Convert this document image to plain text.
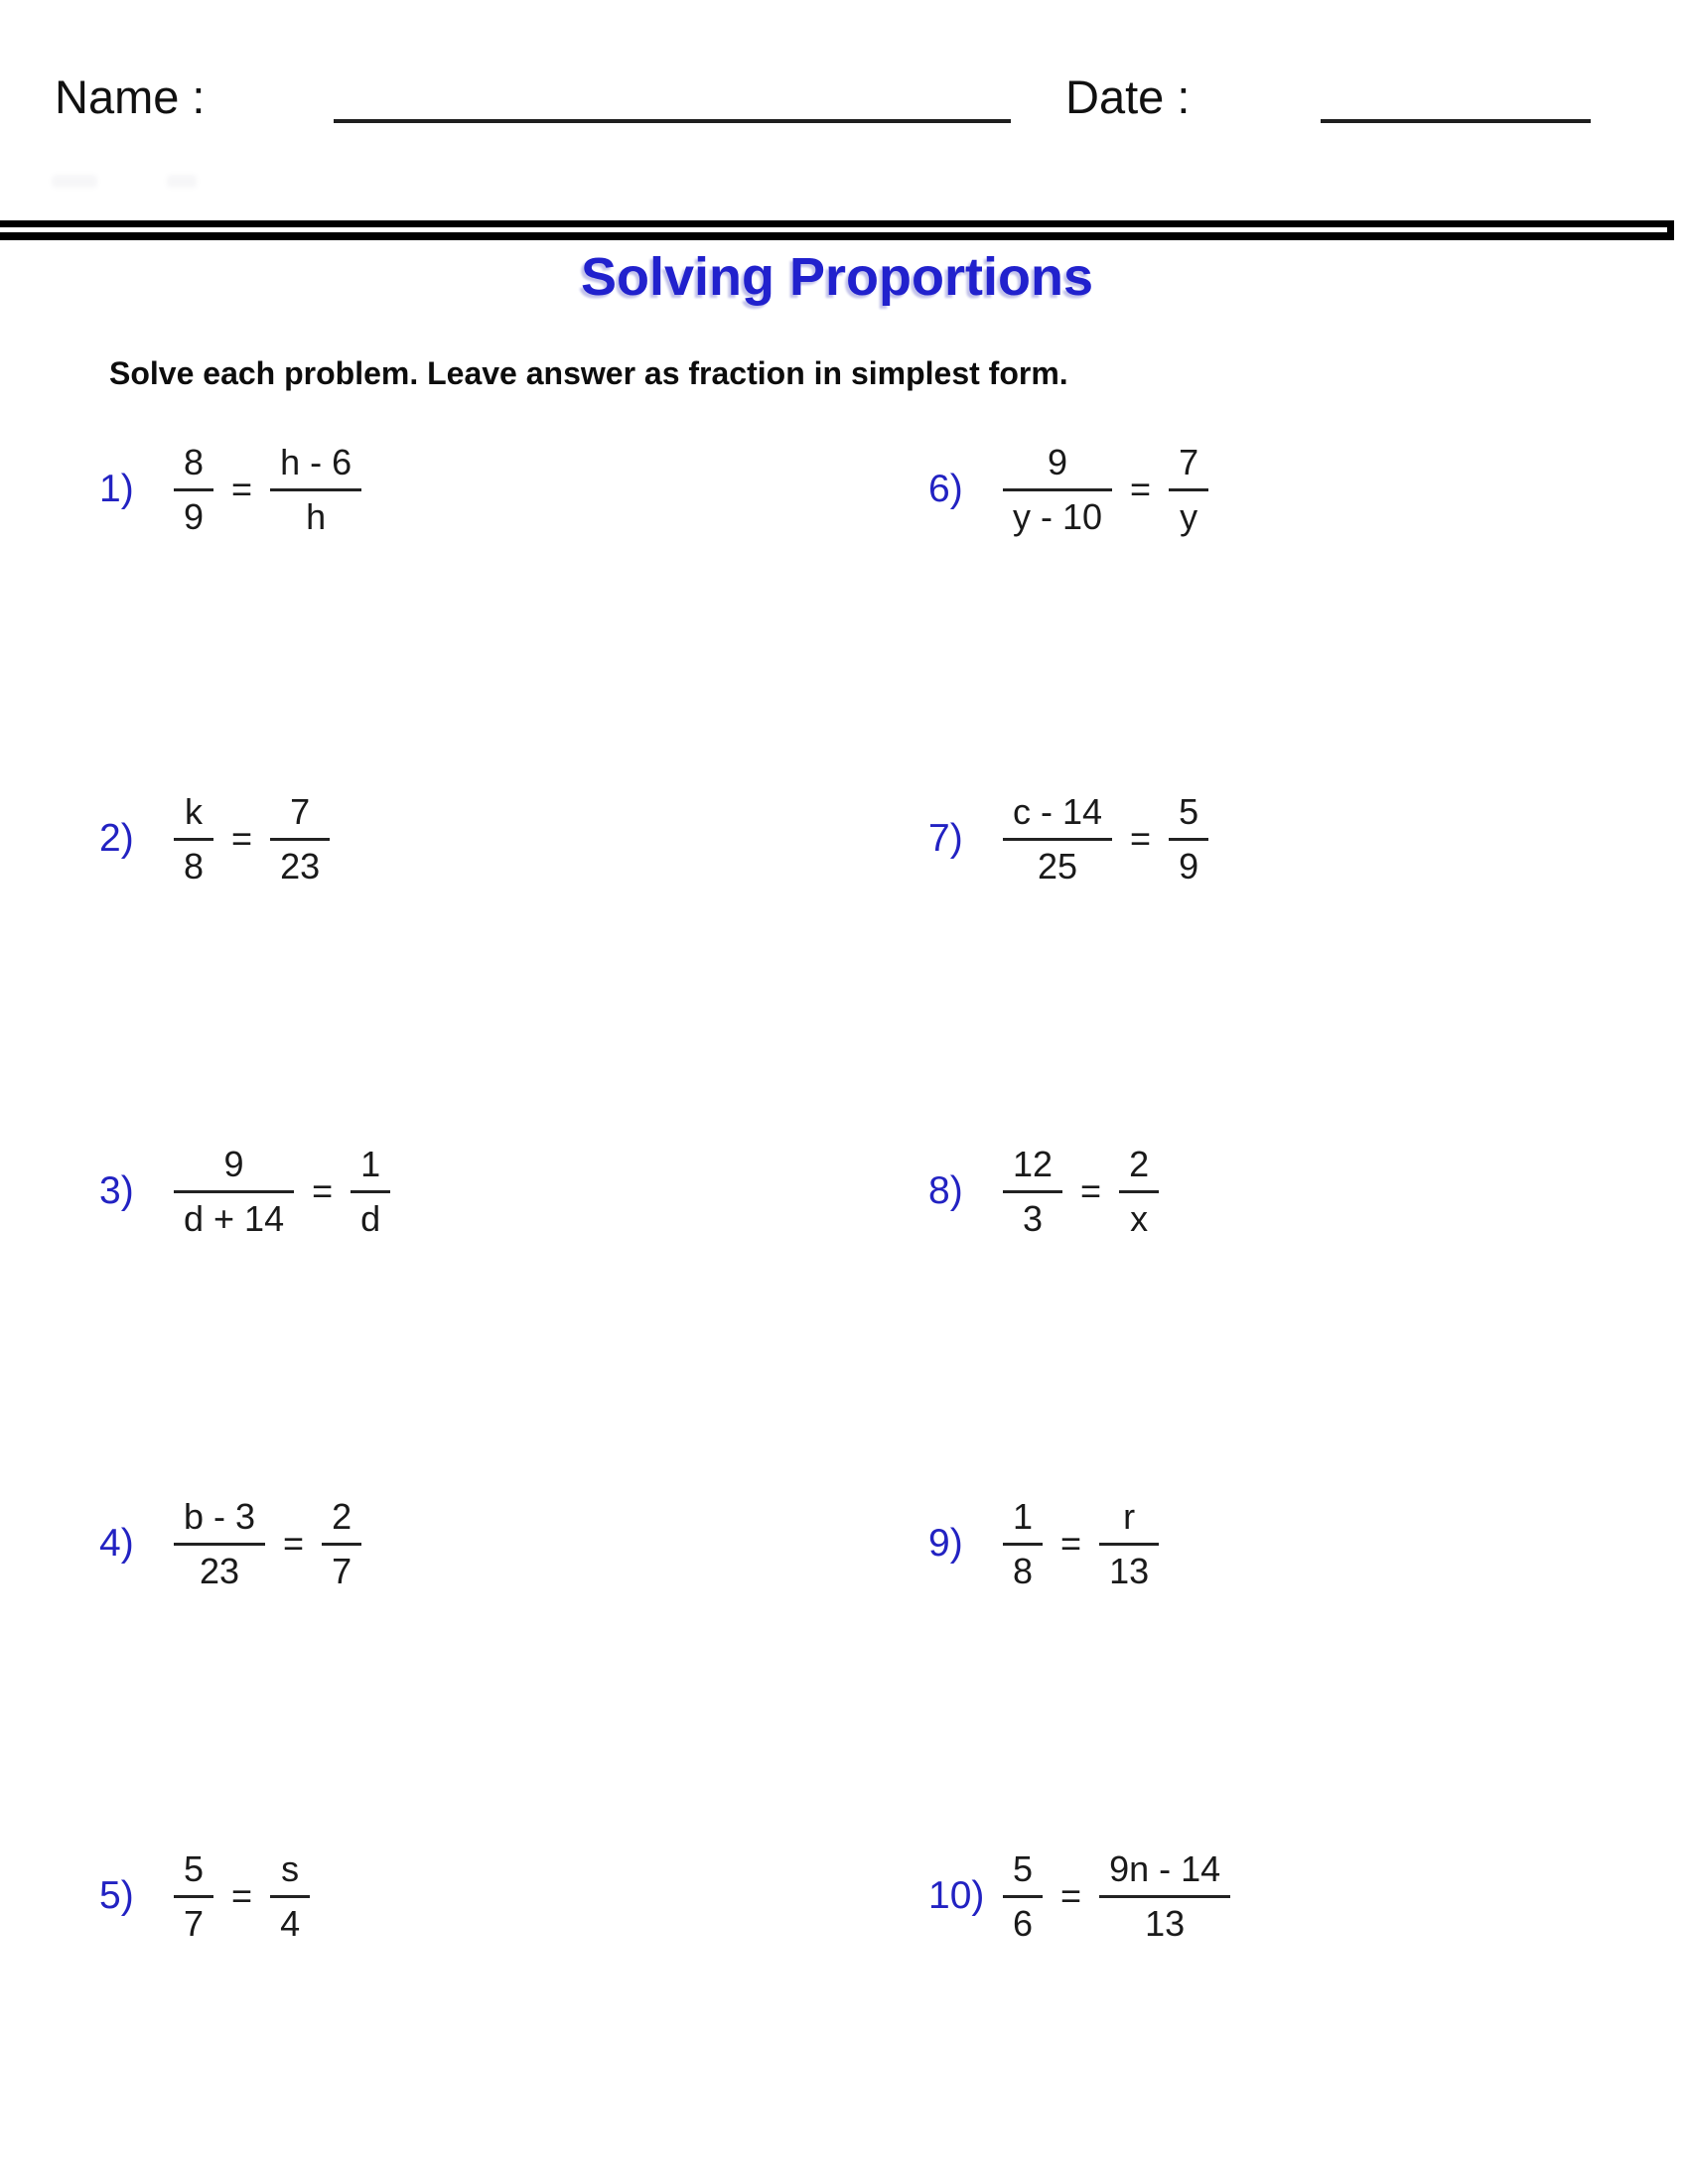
Name :	Date :
Solving Proportions
Solve each problem. Leave answer as fraction in simplest form.
1)	$\frac{8}{9} = \frac{h - 6}{h}$
2)	$\frac{k}{8} = \frac{7}{23}$
3)	$\frac{9}{d + 14} = \frac{1}{d}$
4)	$\frac{b - 3}{23} = \frac{2}{7}$
5)	$\frac{5}{7} = \frac{s}{4}$
6)	$\frac{9}{y - 10} = \frac{7}{y}$
7)	$\frac{c - 14}{25} = \frac{5}{9}$
8)	$\frac{12}{3} = \frac{2}{x}$
9)	$\frac{1}{8} = \frac{r}{13}$
$10) \frac{5}{6} = \frac{9n - 14}{13}$
